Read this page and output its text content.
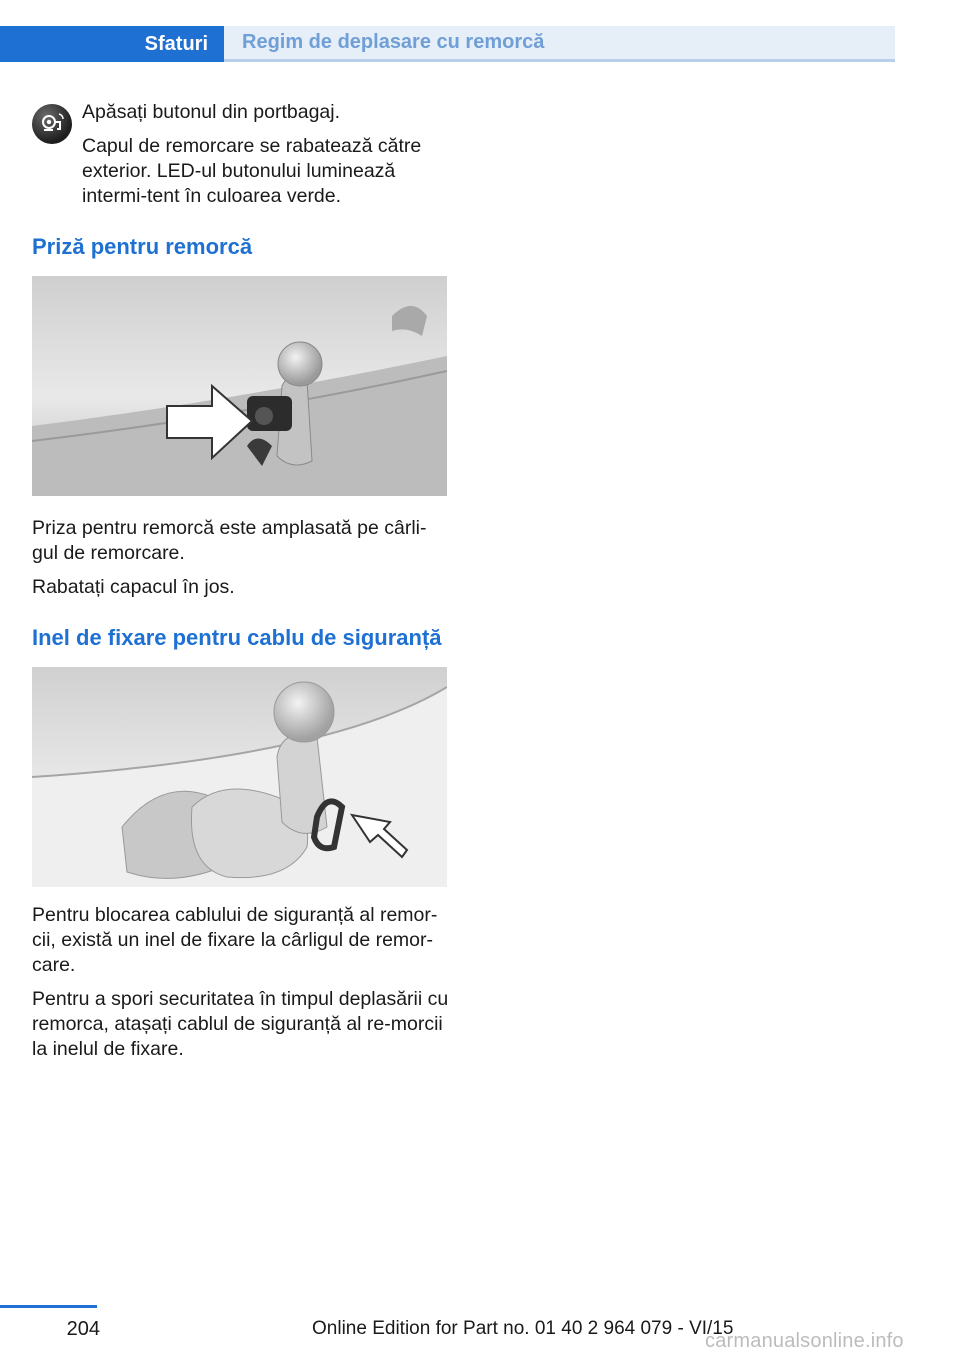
Sfaturi	Regim de deplasare cu remorcă

Apăsați butonul din portbagaj.

Capul de remorcare se rabatează către exterior. LED-ul butonului luminează intermi‐tent în culoarea verde.

Priză pentru remorcă

Priza pentru remorcă este amplasată pe cârli‐gul de remorcare.

Rabatați capacul în jos.

Inel de fixare pentru cablu de siguranță

Pentru blocarea cablului de siguranță al remor‐cii, există un inel de fixare la cârligul de remor‐care.

Pentru a spori securitatea în timpul deplasării cu remorca, atașați cablul de siguranță al re‐morcii la inelul de fixare.

204	Online Edition for Part no. 01 40 2 964 079 - VI/15
carmanualsonline.info
